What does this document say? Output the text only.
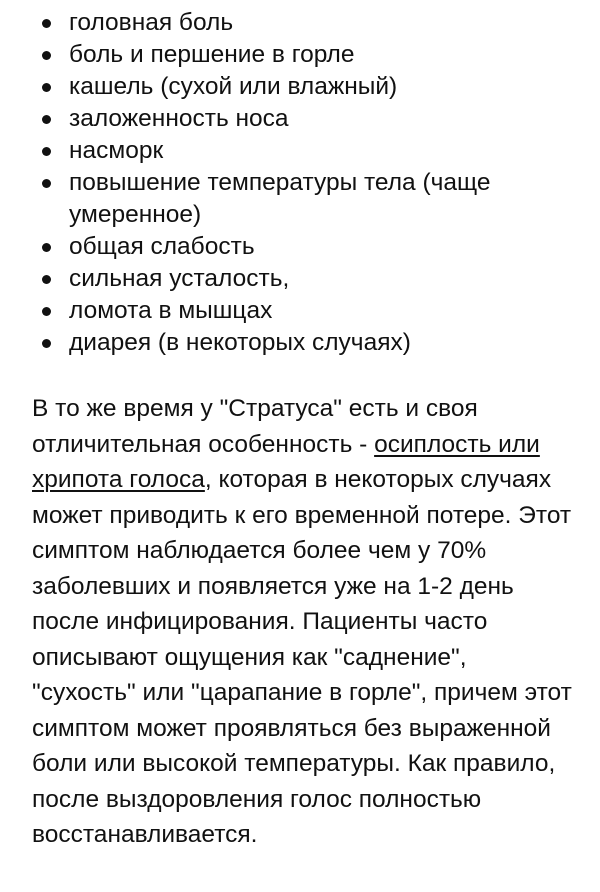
головная боль
боль и першение в горле
кашель (сухой или влажный)
заложенность носа
насморк
повышение температуры тела (чаще умеренное)
общая слабость
сильная усталость,
ломота в мышцах
диарея (в некоторых случаях)

В то же время у "Стратуса" есть и своя отличительная особенность - осиплость или хрипота голоса, которая в некоторых случаях может приводить к его временной потере. Этот симптом наблюдается более чем у 70% заболевших и появляется уже на 1-2 день после инфицирования. Пациенты часто описывают ощущения как "саднение", "сухость" или "царапание в горле", причем этот симптом может проявляться без выраженной боли или высокой температуры. Как правило, после выздоровления голос полностью восстанавливается.
